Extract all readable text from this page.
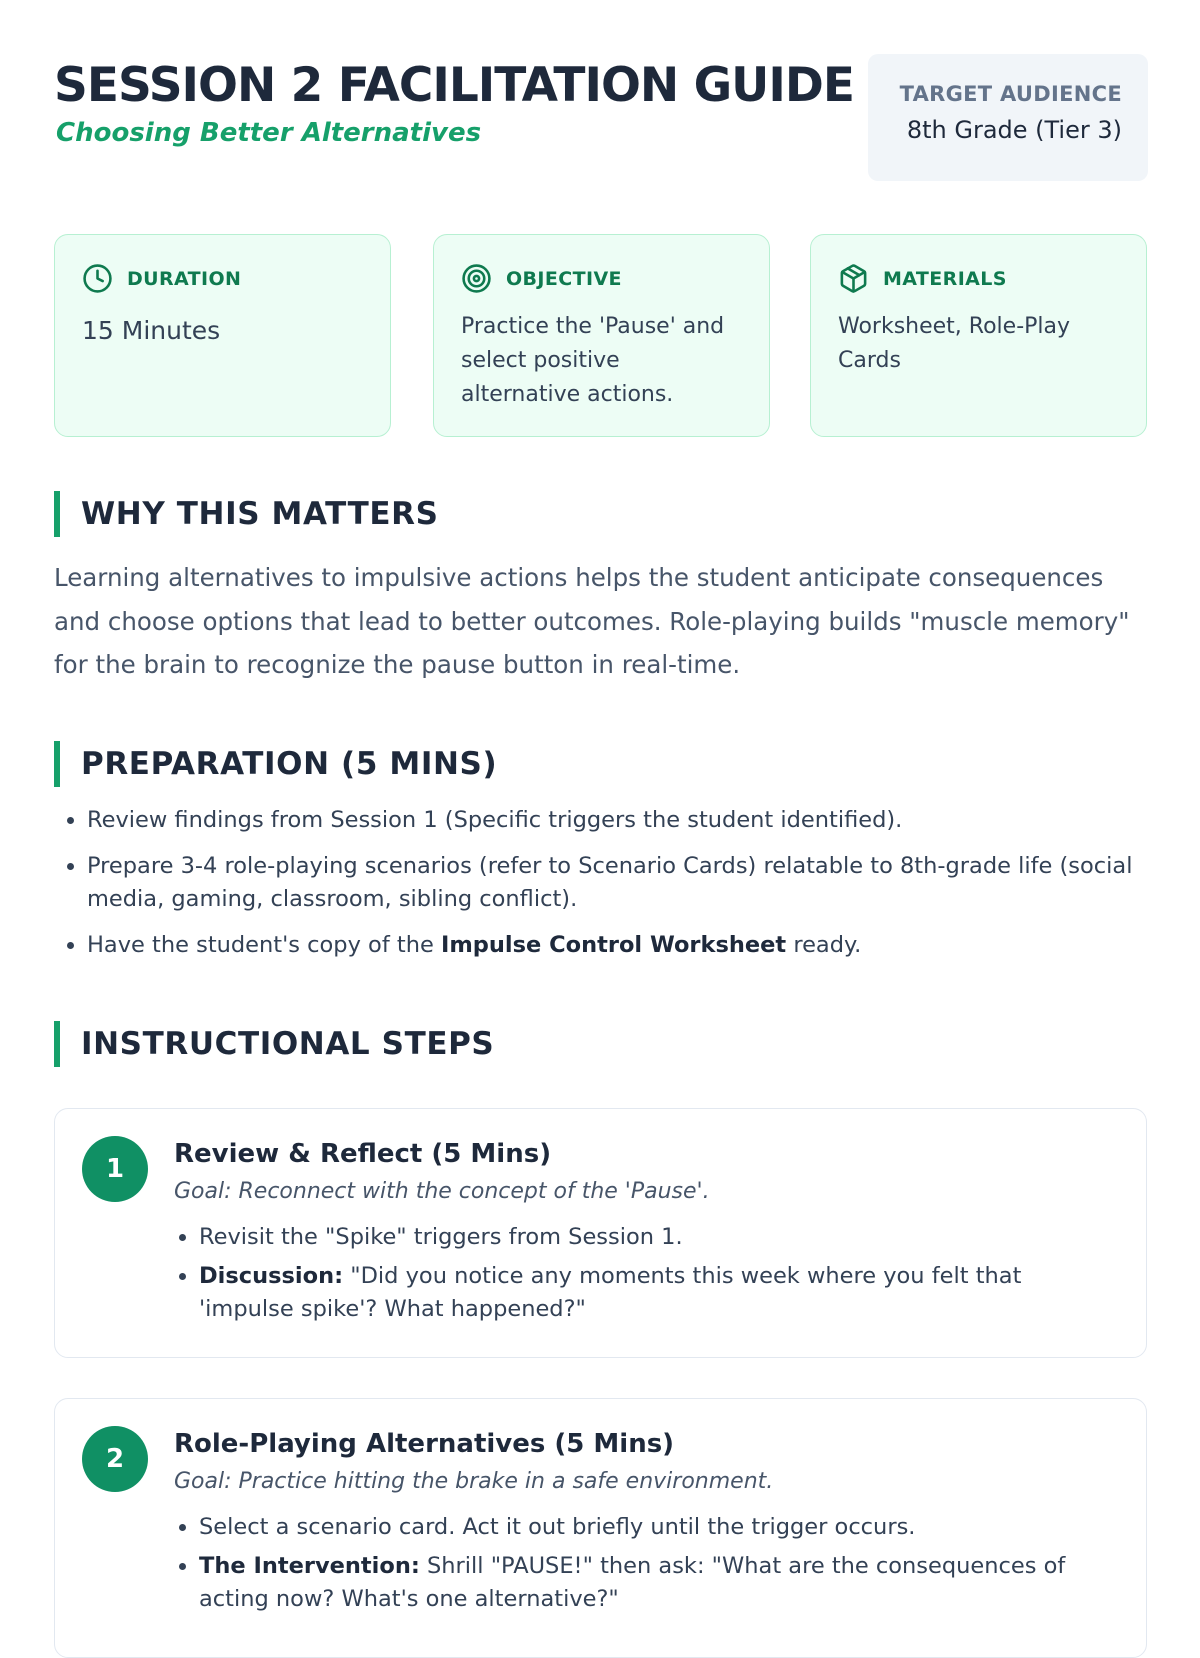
SESSION 2 FACILITATION GUIDE

Choosing Better Alternatives

TARGET AUDIENCE
8th Grade (Tier 3)
DURATION
15 Minutes
OBJECTIVE
Practice the 'Pause' and select positive alternative actions.
MATERIALS
Worksheet, Role-Play Cards
WHY THIS MATTERS

Learning alternatives to impulsive actions helps the student anticipate consequences and choose options that lead to better outcomes. Role-playing builds "muscle memory" for the brain to recognize the pause button in real-time.

PREPARATION (5 MINS)
• Review findings from Session 1 (Specific triggers the student identified).
• Prepare 3-4 role-playing scenarios (refer to Scenario Cards) relatable to 8th-grade life (social media, gaming, classroom, sibling conflict).
• Have the student's copy of the Impulse Control Worksheet ready.
INSTRUCTIONAL STEPS
1	Review & Reflect (5 Mins)

Goal: Reconnect with the concept of the 'Pause'.

• Revisit the "Spike" triggers from Session 1.
• Discussion: "Did you notice any moments this week where you felt that 'impulse spike'? What happened?"
2	Role-Playing Alternatives (5 Mins)

Goal: Practice hitting the brake in a safe environment.

• Select a scenario card. Act it out briefly until the trigger occurs.
• The Intervention: Shrill "PAUSE!" then ask: "What are the consequences of acting now? What's one alternative?"
